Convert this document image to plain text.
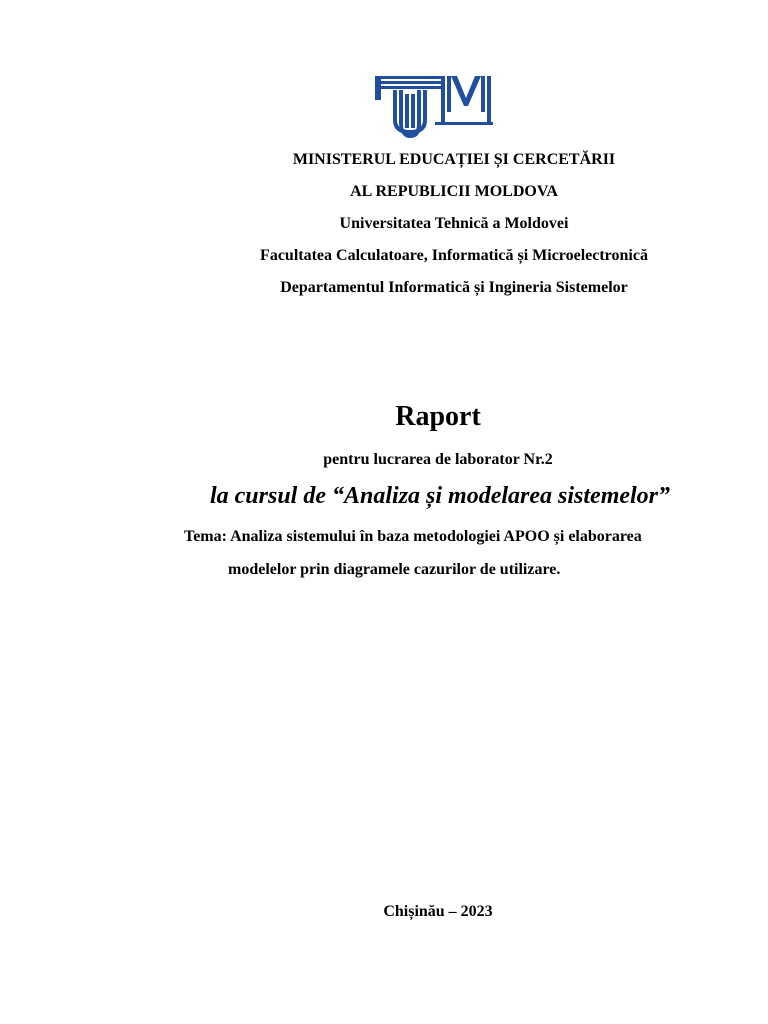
MINISTERUL EDUCAȚIEI ȘI CERCETĂRII
AL REPUBLICII MOLDOVA
Universitatea Tehnică a Moldovei
Facultatea Calculatoare, Informatică și Microelectronică
Departamentul Informatică și Ingineria Sistemelor
Raport
pentru lucrarea de laborator Nr.2
la cursul de “Analiza și modelarea sistemelor”
Tema: Analiza sistemului în baza metodologiei APOO și elaborarea
modelelor prin diagramele cazurilor de utilizare.
Chișinău – 2023
